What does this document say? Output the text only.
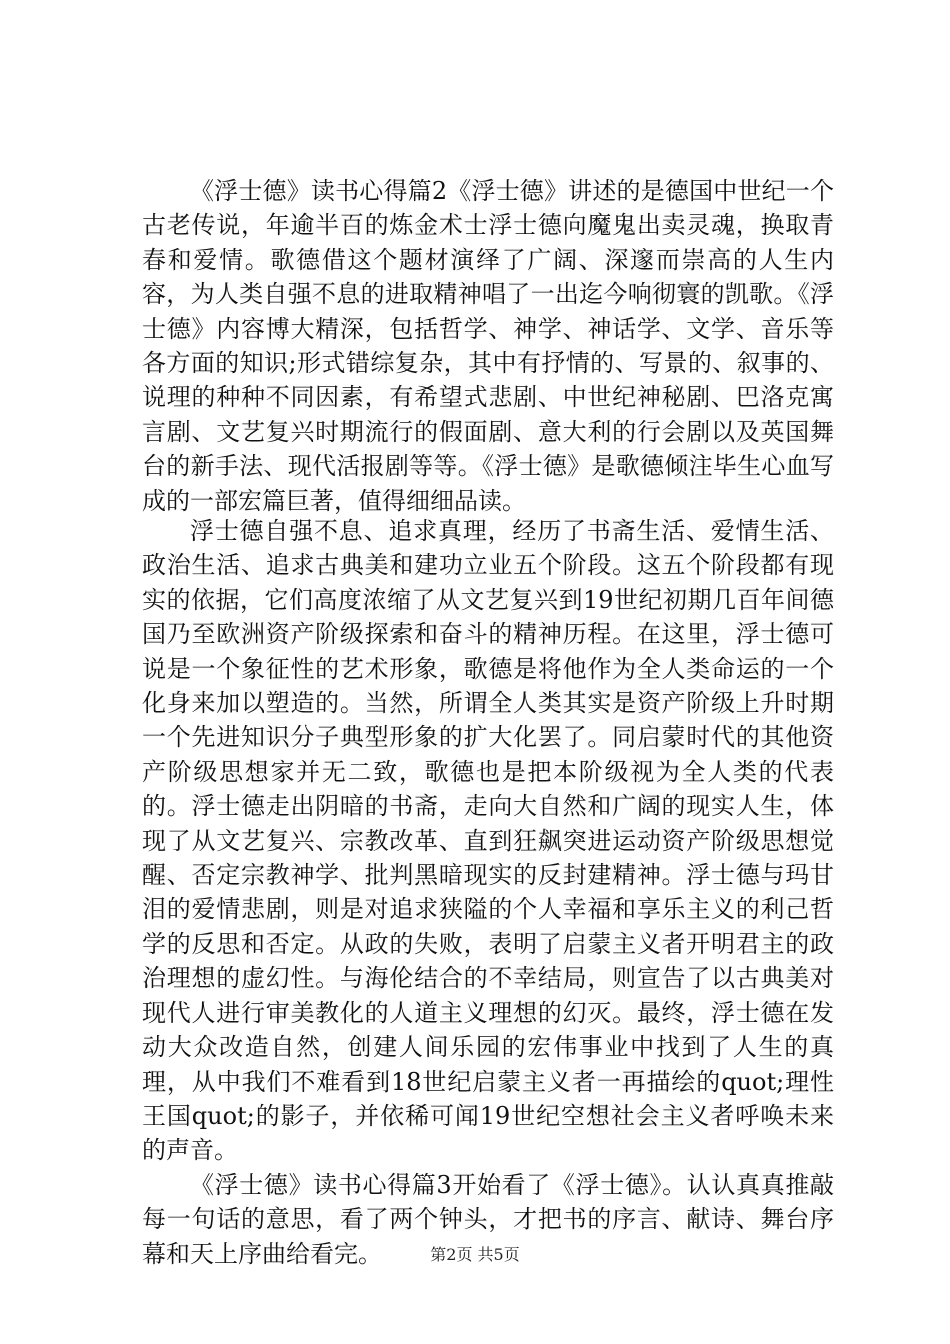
《浮士德》读书心得篇2《浮士德》讲述的是德国中世纪一个古老传说，年逾半百的炼金术士浮士德向魔鬼出卖灵魂，换取青春和爱情。歌德借这个题材演绎了广阔、深邃而崇高的人生内容，为人类自强不息的进取精神唱了一出迄今响彻寰的凯歌。《浮士德》内容博大精深，包括哲学、神学、神话学、文学、音乐等各方面的知识;形式错综复杂，其中有抒情的、写景的、叙事的、说理的种种不同因素，有希望式悲剧、中世纪神秘剧、巴洛克寓言剧、文艺复兴时期流行的假面剧、意大利的行会剧以及英国舞台的新手法、现代活报剧等等。《浮士德》是歌德倾注毕生心血写成的一部宏篇巨著，值得细细品读。

浮士德自强不息、追求真理，经历了书斋生活、爱情生活、政治生活、追求古典美和建功立业五个阶段。这五个阶段都有现实的依据，它们高度浓缩了从文艺复兴到19世纪初期几百年间德国乃至欧洲资产阶级探索和奋斗的精神历程。在这里，浮士德可说是一个象征性的艺术形象，歌德是将他作为全人类命运的一个化身来加以塑造的。当然，所谓全人类其实是资产阶级上升时期一个先进知识分子典型形象的扩大化罢了。同启蒙时代的其他资产阶级思想家并无二致，歌德也是把本阶级视为全人类的代表的。浮士德走出阴暗的书斋，走向大自然和广阔的现实人生，体现了从文艺复兴、宗教改革、直到狂飙突进运动资产阶级思想觉醒、否定宗教神学、批判黑暗现实的反封建精神。浮士德与玛甘泪的爱情悲剧，则是对追求狭隘的个人幸福和享乐主义的利己哲学的反思和否定。从政的失败，表明了启蒙主义者开明君主的政治理想的虚幻性。与海伦结合的不幸结局，则宣告了以古典美对现代人进行审美教化的人道主义理想的幻灭。最终，浮士德在发动大众改造自然，创建人间乐园的宏伟事业中找到了人生的真理，从中我们不难看到18世纪启蒙主义者一再描绘的quot;理性王国quot;的影子，并依稀可闻19世纪空想社会主义者呼唤未来的声音。

《浮士德》读书心得篇3开始看了《浮士德》。认认真真推敲每一句话的意思，看了两个钟头，才把书的序言、献诗、舞台序幕和天上序曲给看完。	第2页 共5页
